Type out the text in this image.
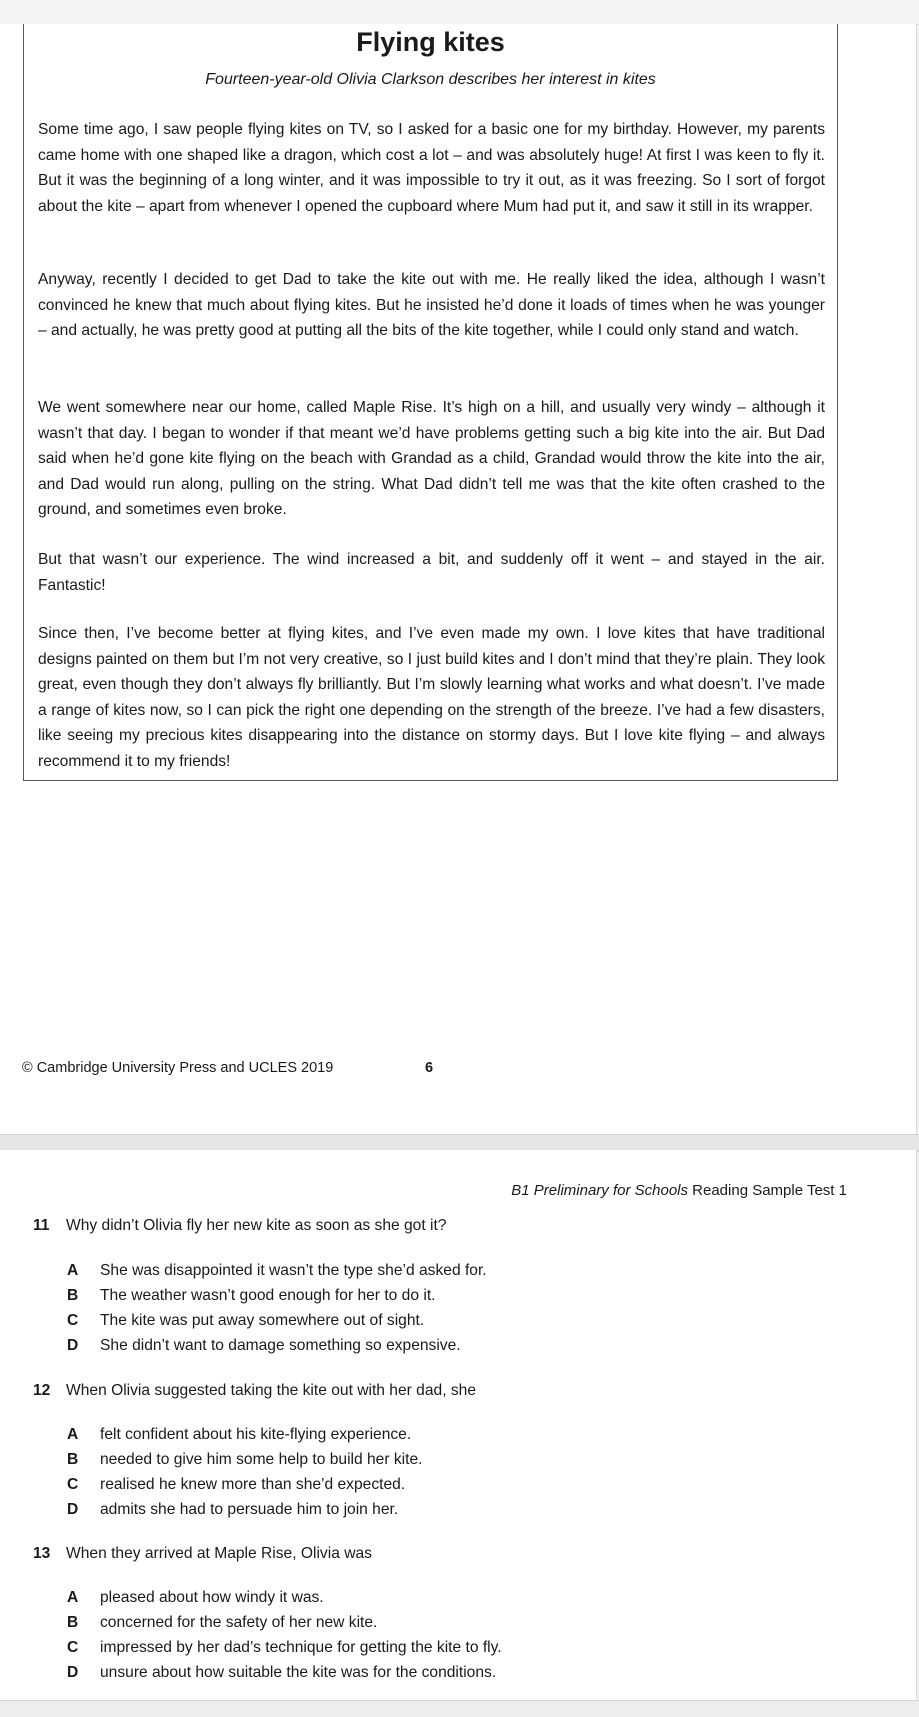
Flying kites

Fourteen-year-old Olivia Clarkson describes her interest in kites

Some time ago, I saw people flying kites on TV, so I asked for a basic one for my birthday. However, my parents came home with one shaped like a dragon, which cost a lot – and was absolutely huge! At first I was keen to fly it. But it was the beginning of a long winter, and it was impossible to try it out, as it was freezing. So I sort of forgot about the kite – apart from whenever I opened the cupboard where Mum had put it, and saw it still in its wrapper.

Anyway, recently I decided to get Dad to take the kite out with me. He really liked the idea, although I wasn’t convinced he knew that much about flying kites. But he insisted he’d done it loads of times when he was younger – and actually, he was pretty good at putting all the bits of the kite together, while I could only stand and watch.

We went somewhere near our home, called Maple Rise. It’s high on a hill, and usually very windy – although it wasn’t that day. I began to wonder if that meant we’d have problems getting such a big kite into the air. But Dad said when he’d gone kite flying on the beach with Grandad as a child, Grandad would throw the kite into the air, and Dad would run along, pulling on the string. What Dad didn’t tell me was that the kite often crashed to the ground, and sometimes even broke.

But that wasn’t our experience. The wind increased a bit, and suddenly off it went – and stayed in the air. Fantastic!

Since then, I’ve become better at flying kites, and I’ve even made my own. I love kites that have traditional designs painted on them but I’m not very creative, so I just build kites and I don’t mind that they’re plain. They look great, even though they don’t always fly brilliantly. But I’m slowly learning what works and what doesn’t. I’ve made a range of kites now, so I can pick the right one depending on the strength of the breeze. I’ve had a few disasters, like seeing my precious kites disappearing into the distance on stormy days. But I love kite flying – and always recommend it to my friends!

© Cambridge University Press and UCLES 2019	6

B1 Preliminary for Schools Reading Sample Test 1

11 Why didn’t Olivia fly her new kite as soon as she got it?

A She was disappointed it wasn’t the type she’d asked for.

B The weather wasn’t good enough for her to do it.

C The kite was put away somewhere out of sight.

D She didn’t want to damage something so expensive.

12 When Olivia suggested taking the kite out with her dad, she

A felt confident about his kite-flying experience.

B needed to give him some help to build her kite.

C realised he knew more than she’d expected.

D admits she had to persuade him to join her.

13 When they arrived at Maple Rise, Olivia was

A pleased about how windy it was.

B concerned for the safety of her new kite.

C impressed by her dad’s technique for getting the kite to fly.

D unsure about how suitable the kite was for the conditions.
